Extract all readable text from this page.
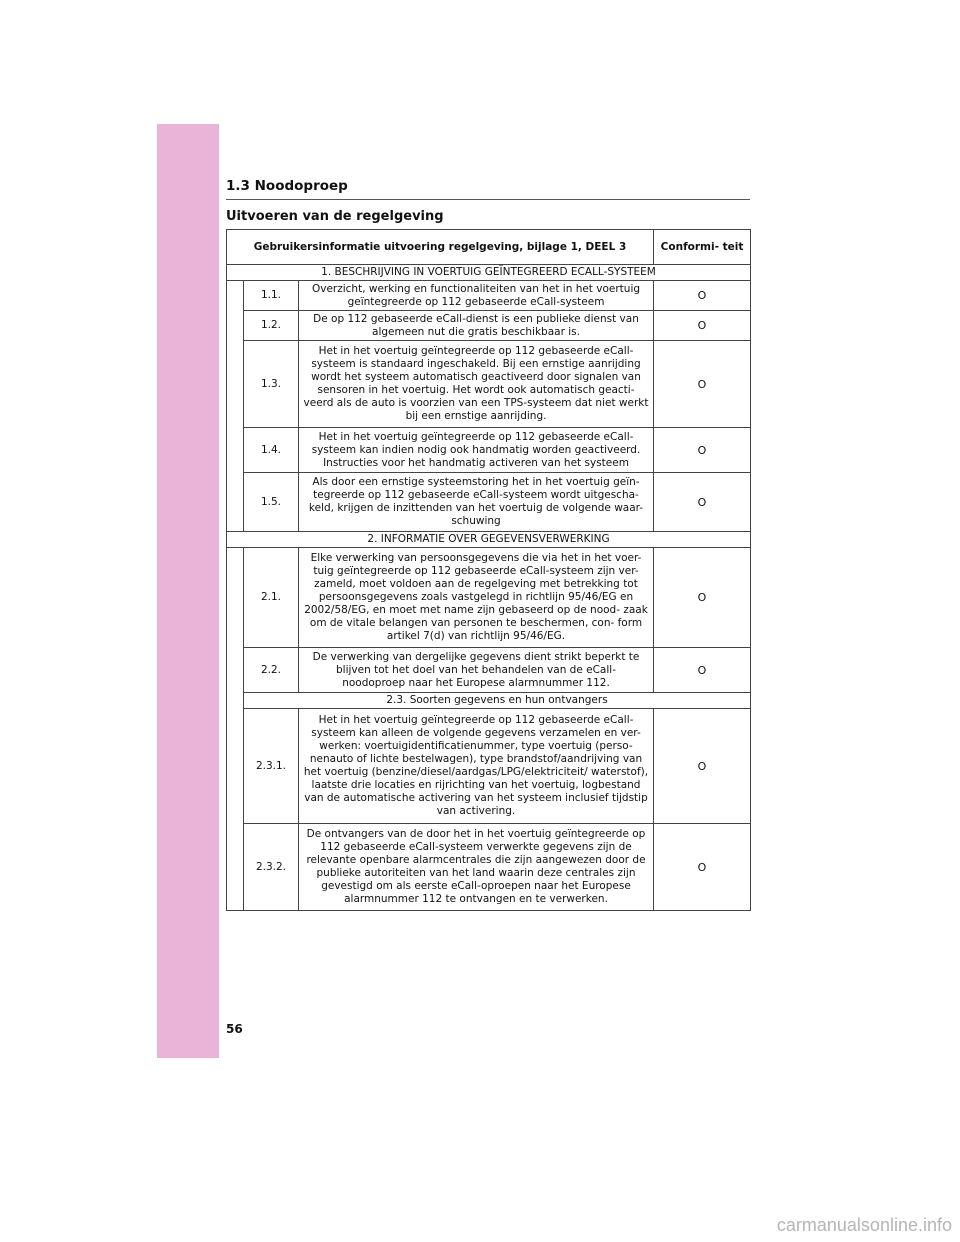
1.3 Noodoproep
Uitvoeren van de regelgeving
Gebruikersinformatie uitvoering regelgeving, bijlage 1, DEEL 3			Conformi- teit
1. BESCHRIJVING IN VOERTUIG GEÏNTEGREERD ECALL-SYSTEEM			
	1.1.	Overzicht, werking en functionaliteiten van het in het voertuig geïntegreerde op 112 gebaseerde eCall-systeem	O
	1.2.	De op 112 gebaseerde eCall-dienst is een publieke dienst van algemeen nut die gratis beschikbaar is.	O
	1.3.	Het in het voertuig geïntegreerde op 112 gebaseerde eCall-systeem is standaard ingeschakeld. Bij een ernstige aanrijding wordt het systeem automatisch geactiveerd door signalen van sensoren in het voertuig. Het wordt ook automatisch geacti- veerd als de auto is voorzien van een TPS-systeem dat niet werkt bij een ernstige aanrijding.	O
	1.4.	Het in het voertuig geïntegreerde op 112 gebaseerde eCall-systeem kan indien nodig ook handmatig worden geactiveerd. Instructies voor het handmatig activeren van het systeem	O
	1.5.	Als door een ernstige systeemstoring het in het voertuig geïn- tegreerde op 112 gebaseerde eCall-systeem wordt uitgescha- keld, krijgen de inzittenden van het voertuig de volgende waar- schuwing	O
2. INFORMATIE OVER GEGEVENSVERWERKING			
	2.1.	Elke verwerking van persoonsgegevens die via het in het voer- tuig geïntegreerde op 112 gebaseerde eCall-systeem zijn ver- zameld, moet voldoen aan de regelgeving met betrekking tot persoonsgegevens zoals vastgelegd in richtlijn 95/46/EG en 2002/58/EG, en moet met name zijn gebaseerd op de nood- zaak om de vitale belangen van personen te beschermen, con- form artikel 7(d) van richtlijn 95/46/EG.	O
	2.2.	De verwerking van dergelijke gegevens dient strikt beperkt te blijven tot het doel van het behandelen van de eCall- noodoproep naar het Europese alarmnummer 112.	O
	2.3. Soorten gegevens en hun ontvangers		
	2.3.1.	Het in het voertuig geïntegreerde op 112 gebaseerde eCall-systeem kan alleen de volgende gegevens verzamelen en ver- werken: voertuigidentificatienummer, type voertuig (perso- nenauto of lichte bestelwagen), type brandstof/aandrijving van het voertuig (benzine/diesel/aardgas/LPG/elektriciteit/ waterstof), laatste drie locaties en rijrichting van het voertuig, logbestand van de automatische activering van het systeem inclusief tijdstip van activering.	O
	2.3.2.	De ontvangers van de door het in het voertuig geïntegreerde op 112 gebaseerde eCall-systeem verwerkte gegevens zijn de relevante openbare alarmcentrales die zijn aangewezen door de publieke autoriteiten van het land waarin deze centrales zijn gevestigd om als eerste eCall-oproepen naar het Europese alarmnummer 112 te ontvangen en te verwerken.	O

56

carmanualsonline.info
